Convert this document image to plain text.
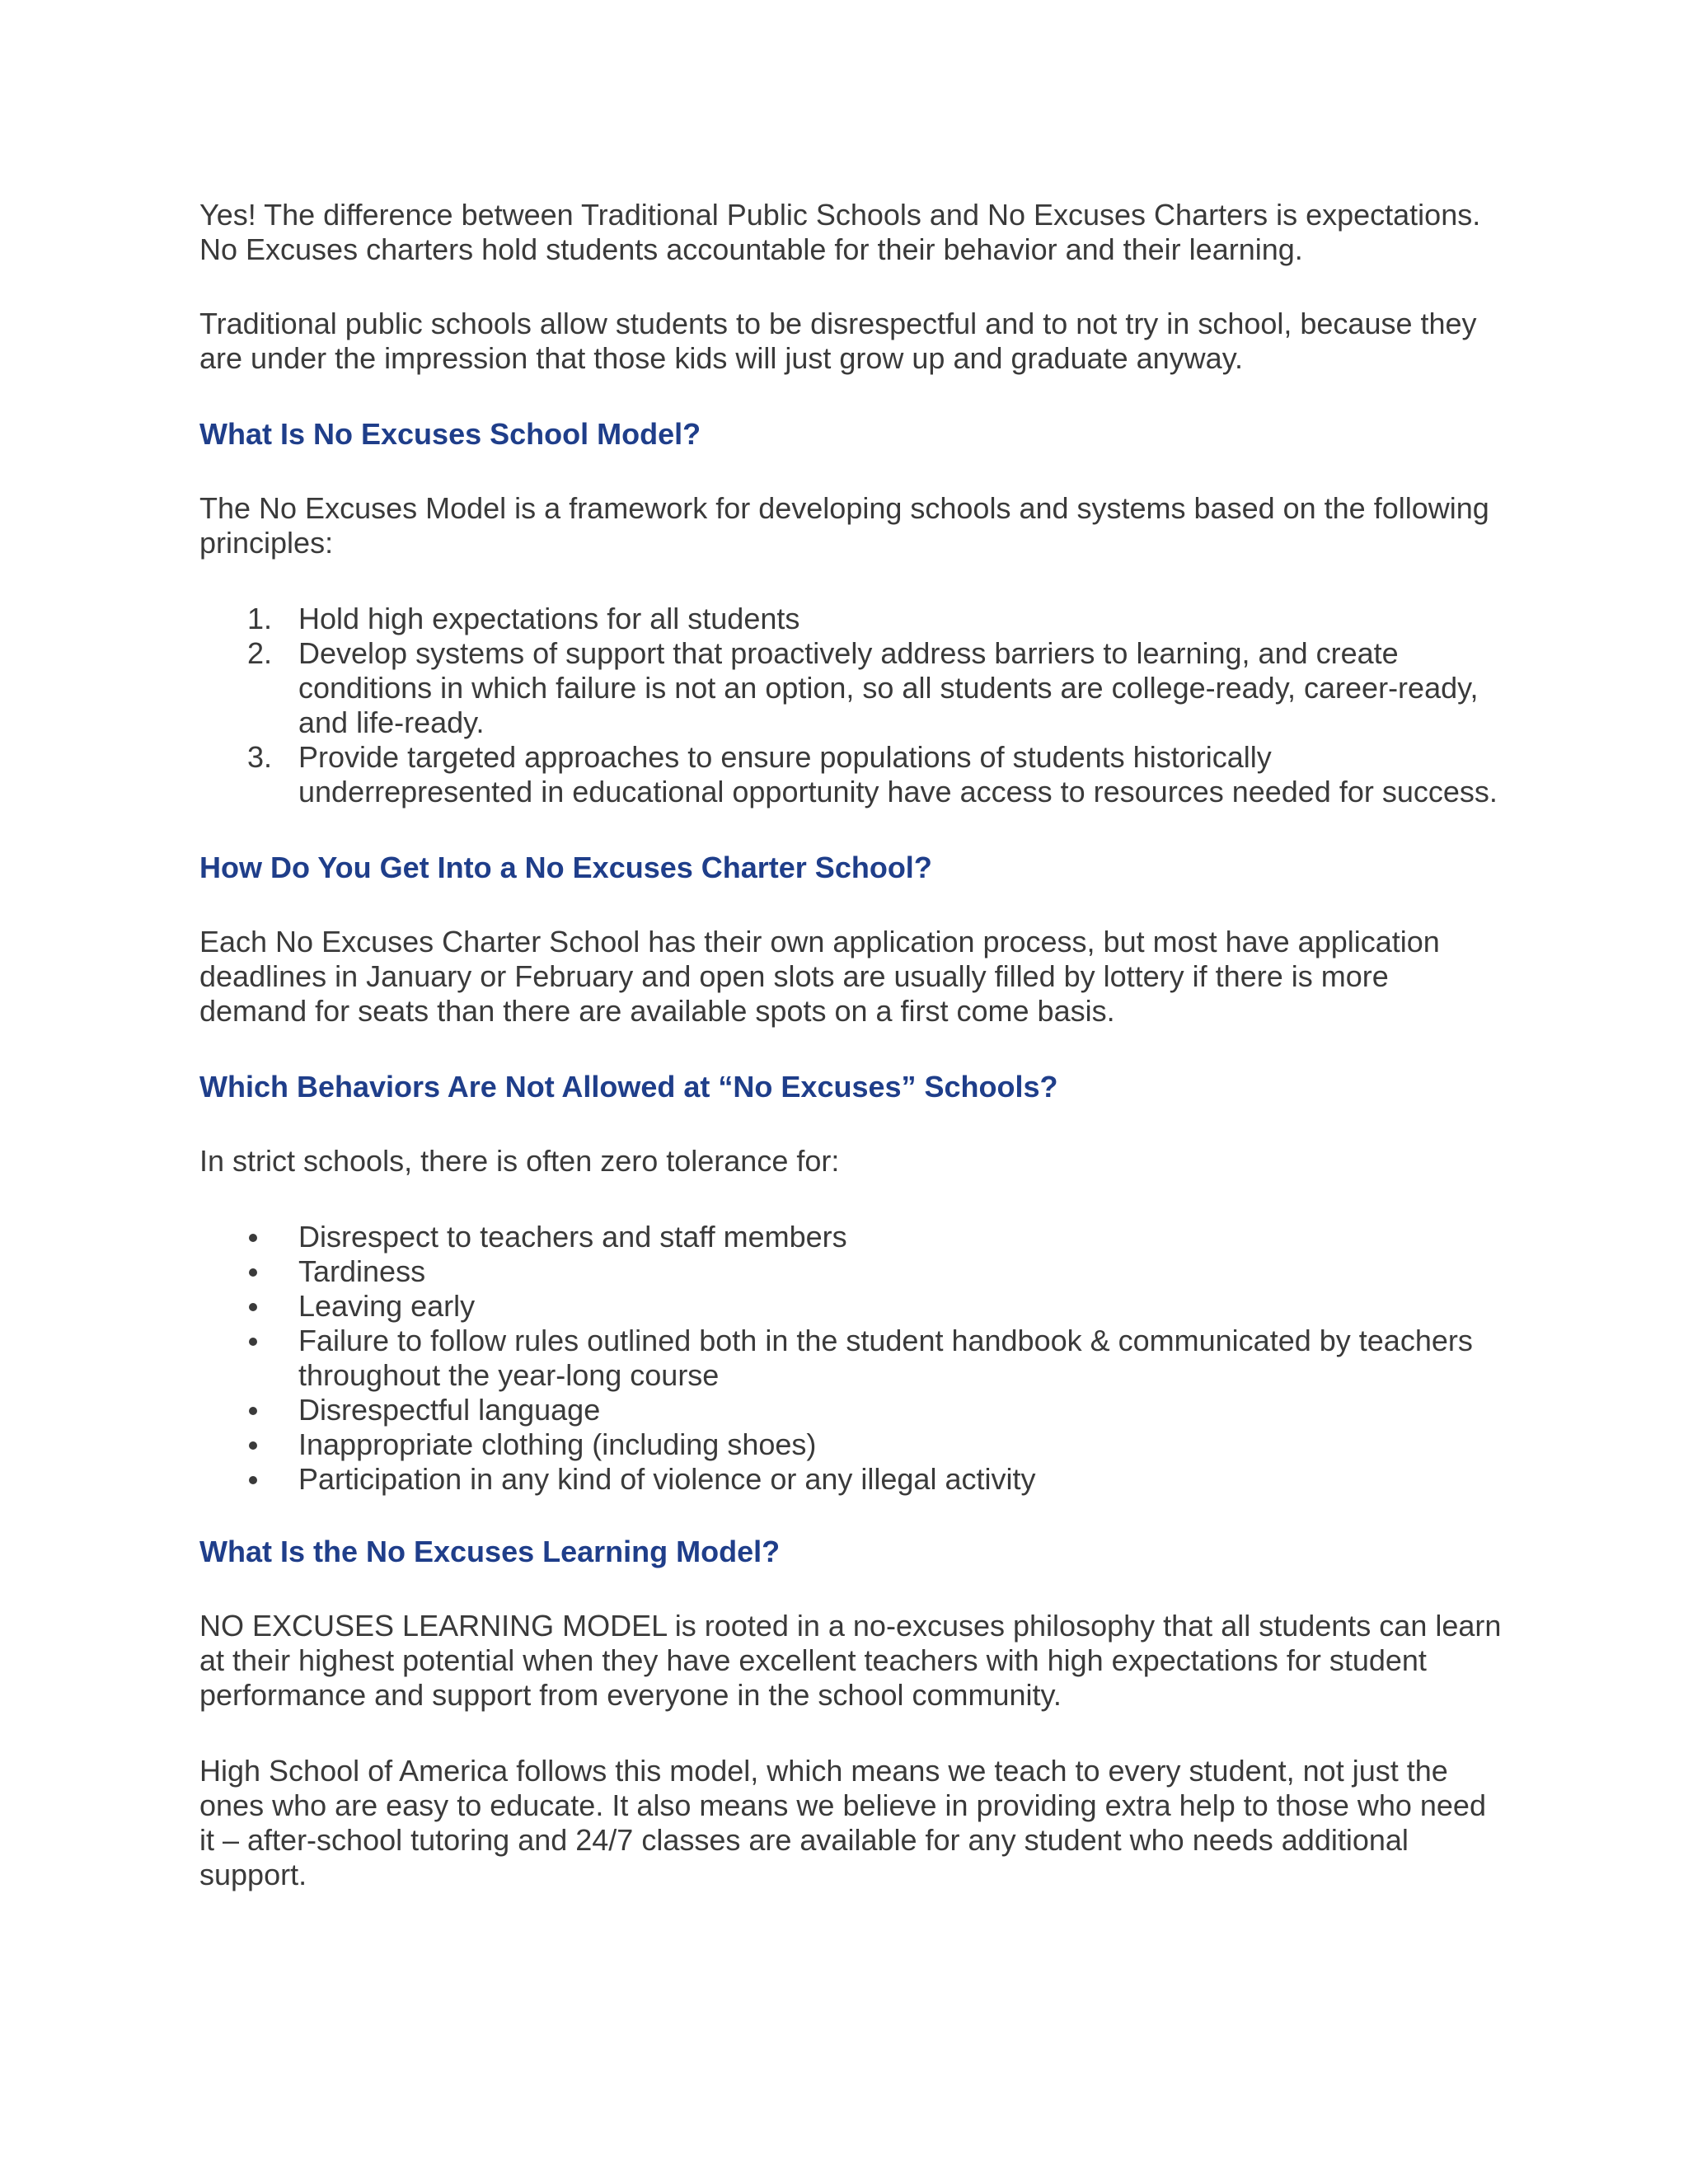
Yes! The difference between Traditional Public Schools and No Excuses Charters is expectations. No Excuses charters hold students accountable for their behavior and their learning.

Traditional public schools allow students to be disrespectful and to not try in school, because they are under the impression that those kids will just grow up and graduate anyway.

What Is No Excuses School Model?

The No Excuses Model is a framework for developing schools and systems based on the following principles:

1. Hold high expectations for all students
2. Develop systems of support that proactively address barriers to learning, and create conditions in which failure is not an option, so all students are college-ready, career-ready, and life-ready.
3. Provide targeted approaches to ensure populations of students historically underrepresented in educational opportunity have access to resources needed for success.
How Do You Get Into a No Excuses Charter School?

Each No Excuses Charter School has their own application process, but most have application deadlines in January or February and open slots are usually filled by lottery if there is more demand for seats than there are available spots on a first come basis.

Which Behaviors Are Not Allowed at “No Excuses” Schools?

In strict schools, there is often zero tolerance for:

Disrespect to teachers and staff members
Tardiness
Leaving early
Failure to follow rules outlined both in the student handbook & communicated by teachers throughout the year-long course
Disrespectful language
Inappropriate clothing (including shoes)
Participation in any kind of violence or any illegal activity
What Is the No Excuses Learning Model?

NO EXCUSES LEARNING MODEL is rooted in a no-excuses philosophy that all students can learn at their highest potential when they have excellent teachers with high expectations for student performance and support from everyone in the school community.

High School of America follows this model, which means we teach to every student, not just the ones who are easy to educate. It also means we believe in providing extra help to those who need it – after-school tutoring and 24/7 classes are available for any student who needs additional support.
